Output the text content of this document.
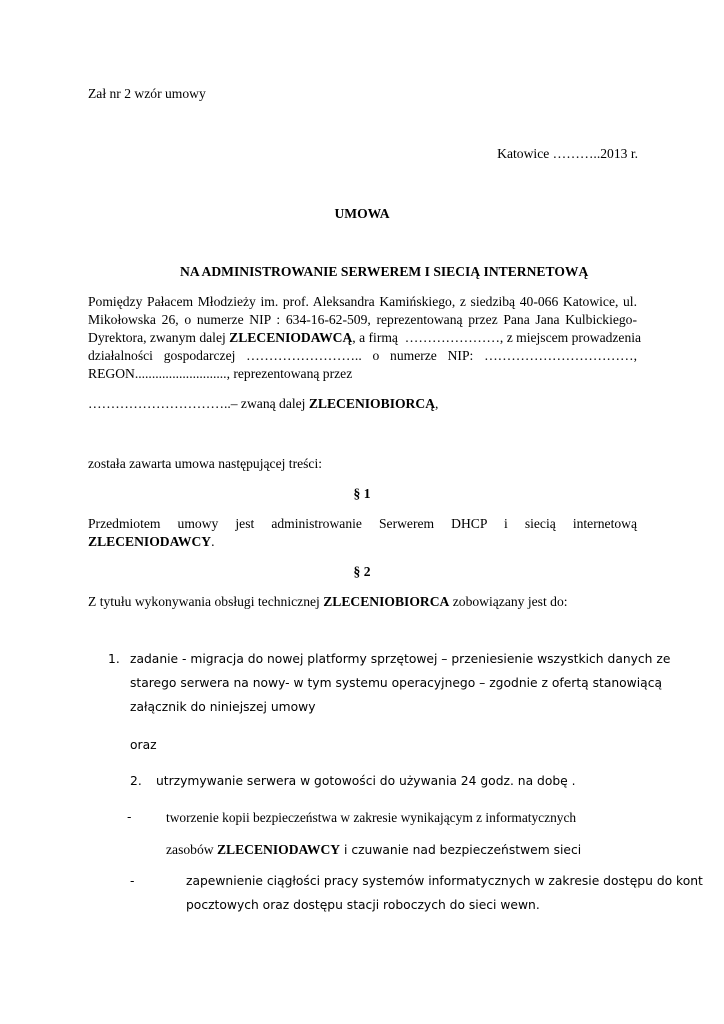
Zał nr 2 wzór umowy
Katowice ………..2013 r.
UMOWA
NA ADMINISTROWANIE SERWEREM I SIECIĄ INTERNETOWĄ
Pomiędzy Pałacem Młodzieży im. prof. Aleksandra Kamińskiego, z siedzibą 40-066 Katowice, ul.
Mikołowska 26, o numerze NIP : 634-16-62-509, reprezentowaną przez Pana Jana Kulbickiego-
Dyrektora, zwanym dalej ZLECENIODAWCĄ, a firmą  …………………, z miejscem prowadzenia
działalności gospodarczej …………………….. o numerze NIP: ……………………………,
REGON..........................., reprezentowaną przez
…………………………..– zwaną dalej ZLECENIOBIORCĄ,
została zawarta umowa następującej treści:
§ 1
Przedmiotem umowy jest administrowanie Serwerem DHCP i siecią internetową
ZLECENIODAWCY.
§ 2
Z tytułu wykonywania obsługi technicznej ZLECENIOBIORCA zobowiązany jest do:
1. zadanie - migracja do nowej platformy sprzętowej – przeniesienie wszystkich danych ze
starego serwera na nowy- w tym systemu operacyjnego – zgodnie z ofertą stanowiącą
załącznik do niniejszej umowy
oraz
2. utrzymywanie serwera w gotowości do używania 24 godz. na dobę .
-	tworzenie kopii bezpieczeństwa w zakresie wynikającym z informatycznych
zasobów ZLECENIODAWCY i czuwanie nad bezpieczeństwem sieci
-	zapewnienie ciągłości pracy systemów informatycznych w zakresie dostępu do kont
pocztowych oraz dostępu stacji roboczych do sieci wewn.
